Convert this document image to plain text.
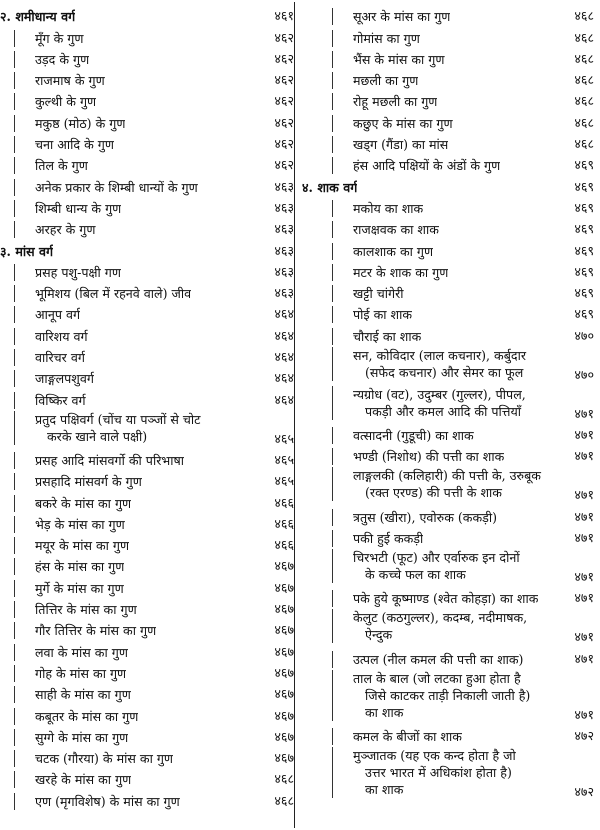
२. शमीधान्य वर्ग	४६१
मूँग के गुण	४६२
उड़द के गुण	४६२
राजमाष के गुण	४६२
कुल्थी के गुण	४६२
मकुष्ठ (मोठ) के गुण	४६२
चना आदि के गुण	४६२
तिल के गुण	४६२
अनेक प्रकार के शिम्बी धान्यों के गुण	४६३
शिम्बी धान्य के गुण	४६३
अरहर के गुण	४६३
३. मांस वर्ग	४६३
प्रसह पशु-पक्षी गण	४६३
भूमिशय (बिल में रहनवे वाले) जीव	४६३
आनूप वर्ग	४६४
वारिशय वर्ग	४६४
वारिचर वर्ग	४६४
जाङ्गलपशुवर्ग	४६४
विष्किर वर्ग	४६४
प्रतुद पक्षिवर्ग (चोंच या पञ्जों से चोट
करके खाने वाले पक्षी)	४६५
प्रसह आदि मांसवर्गो की परिभाषा	४६५
प्रसहादि मांसवर्ग के गुण	४६५
बकरे के मांस का गुण	४६६
भेड़ के मांस का गुण	४६६
मयूर के मांस का गुण	४६६
हंस के मांस का गुण	४६७
मुर्गे के मांस का गुण	४६७
तित्तिर के मांस का गुण	४६७
गौर तित्तिर के मांस का गुण	४६७
लवा के मांस का गुण	४६७
गोह के मांस का गुण	४६७
साही के मांस का गुण	४६७
कबूतर के मांस का गुण	४६७
सुग्गे के मांस का गुण	४६७
चटक (गौरया) के मांस का गुण	४६७
खरहे के मांस का गुण	४६८
एण (मृगविशेष) के मांस का गुण	४६८
सूअर के मांस का गुण	४६८
गोमांस का गुण	४६८
भैंस के मांस का गुण	४६८
मछली का गुण	४६८
रोहू मछली का गुण	४६८
कछुए के मांस का गुण	४६८
खड्ग (गैंडा) का मांस	४६८
हंस आदि पक्षियों के अंडों के गुण	४६९
४. शाक वर्ग	४६९
मकोय का शाक	४६९
राजक्षवक का शाक	४६९
कालशाक का गुण	४६९
मटर के शाक का गुण	४६९
खट्टी चांगेरी	४६९
पोई का शाक	४६९
चौराई का शाक	४७०
सन, कोविदार (लाल कचनार), कर्बुदार
(सफेद कचनार) और सेमर का फूल	४७०
न्यग्रोध (वट), उदुम्बर (गुल्लर), पीपल,
पकड़ी और कमल आदि की पत्तियाँ	४७१
वत्सादनी (गुडूची) का शाक	४७१
भण्डी (निशोथ) की पत्ती का शाक	४७१
लाङ्गलकी (कलिहारी) की पत्ती के, उरुबूक
(रक्त एरण्ड) की पत्ती के शाक	४७१
त्रतुस (खीरा), एवोरुक (ककड़ी)	४७१
पकी हुई ककड़ी	४७१
चिरभटी (फूट) और एर्वारुक इन दोनों
के कच्चे फल का शाक	४७१
पके हुये कूष्माण्ड (श्वेत कोहड़ा) का शाक	४७१
केलुट (कठगुल्लर), कदम्ब, नदीमाषक,
ऐन्दुक	४७१
उत्पल (नील कमल की पत्ती का शाक)	४७१
ताल के बाल (जो लटका हुआ होता है
जिसे काटकर ताड़ी निकाली जाती है)
का शाक	४७१
कमल के बीजों का शाक	४७२
मुञ्जातक (यह एक कन्द होता है जो
उत्तर भारत में अधिकांश होता है)
का शाक	४७२
